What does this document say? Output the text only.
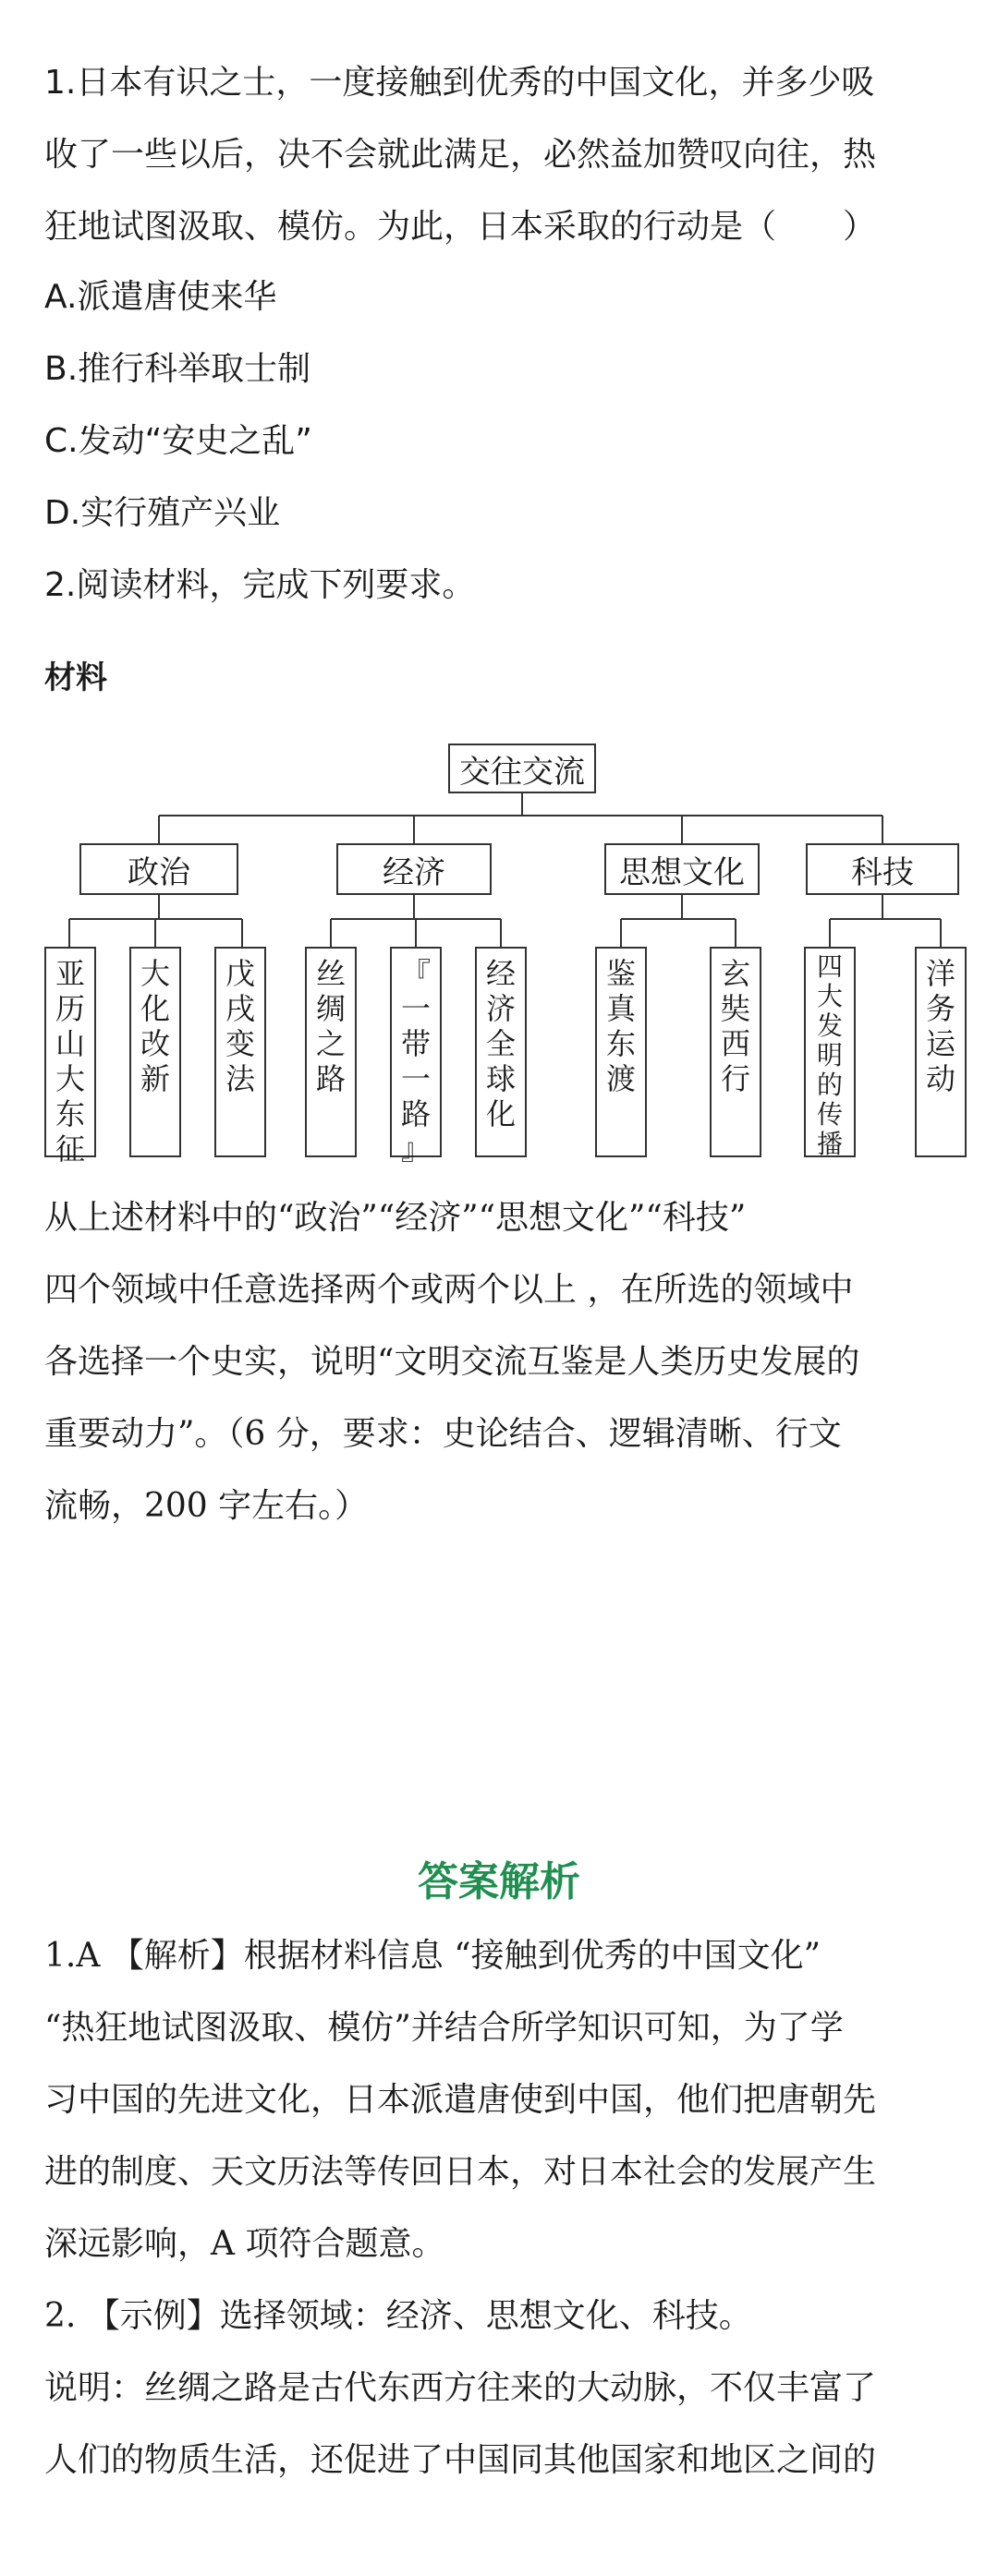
1.日本有识之士，一度接触到优秀的中国文化，并多少吸
收了一些以后，决不会就此满足，必然益加赞叹向往，热
狂地试图汲取、模仿。为此，日本采取的行动是（　　）
A.派遣唐使来华
B.推行科举取士制
C.发动“安史之乱”
D.实行殖产兴业
2.阅读材料，完成下列要求。
材料
交往交流
政治	经济	思想文化	科技
亚
历
山
大
东
征
大
化
改
新
戊
戌
变
法
丝
绸
之
路
『
一
带
一
路
』
经
济
全
球
化
鉴
真
东
渡
玄
奘
西
行
四
大
发
明
的
传
播
洋
务
运
动
从上述材料中的“政治”“经济”“思想文化”“科技”
四个领域中任意选择两个或两个以上 ，在所选的领域中
各选择一个史实，说明“文明交流互鉴是人类历史发展的
重要动力”。（6 分，要求：史论结合、逻辑清晰、行文
流畅，200 字左右。）
答案解析
1.A 【解析】根据材料信息 “接触到优秀的中国文化”
“热狂地试图汲取、模仿”并结合所学知识可知，为了学
习中国的先进文化，日本派遣唐使到中国，他们把唐朝先
进的制度、天文历法等传回日本，对日本社会的发展产生
深远影响，A 项符合题意。
2. 【示例】选择领域：经济、思想文化、科技。
说明：丝绸之路是古代东西方往来的大动脉，不仅丰富了
人们的物质生活，还促进了中国同其他国家和地区之间的
